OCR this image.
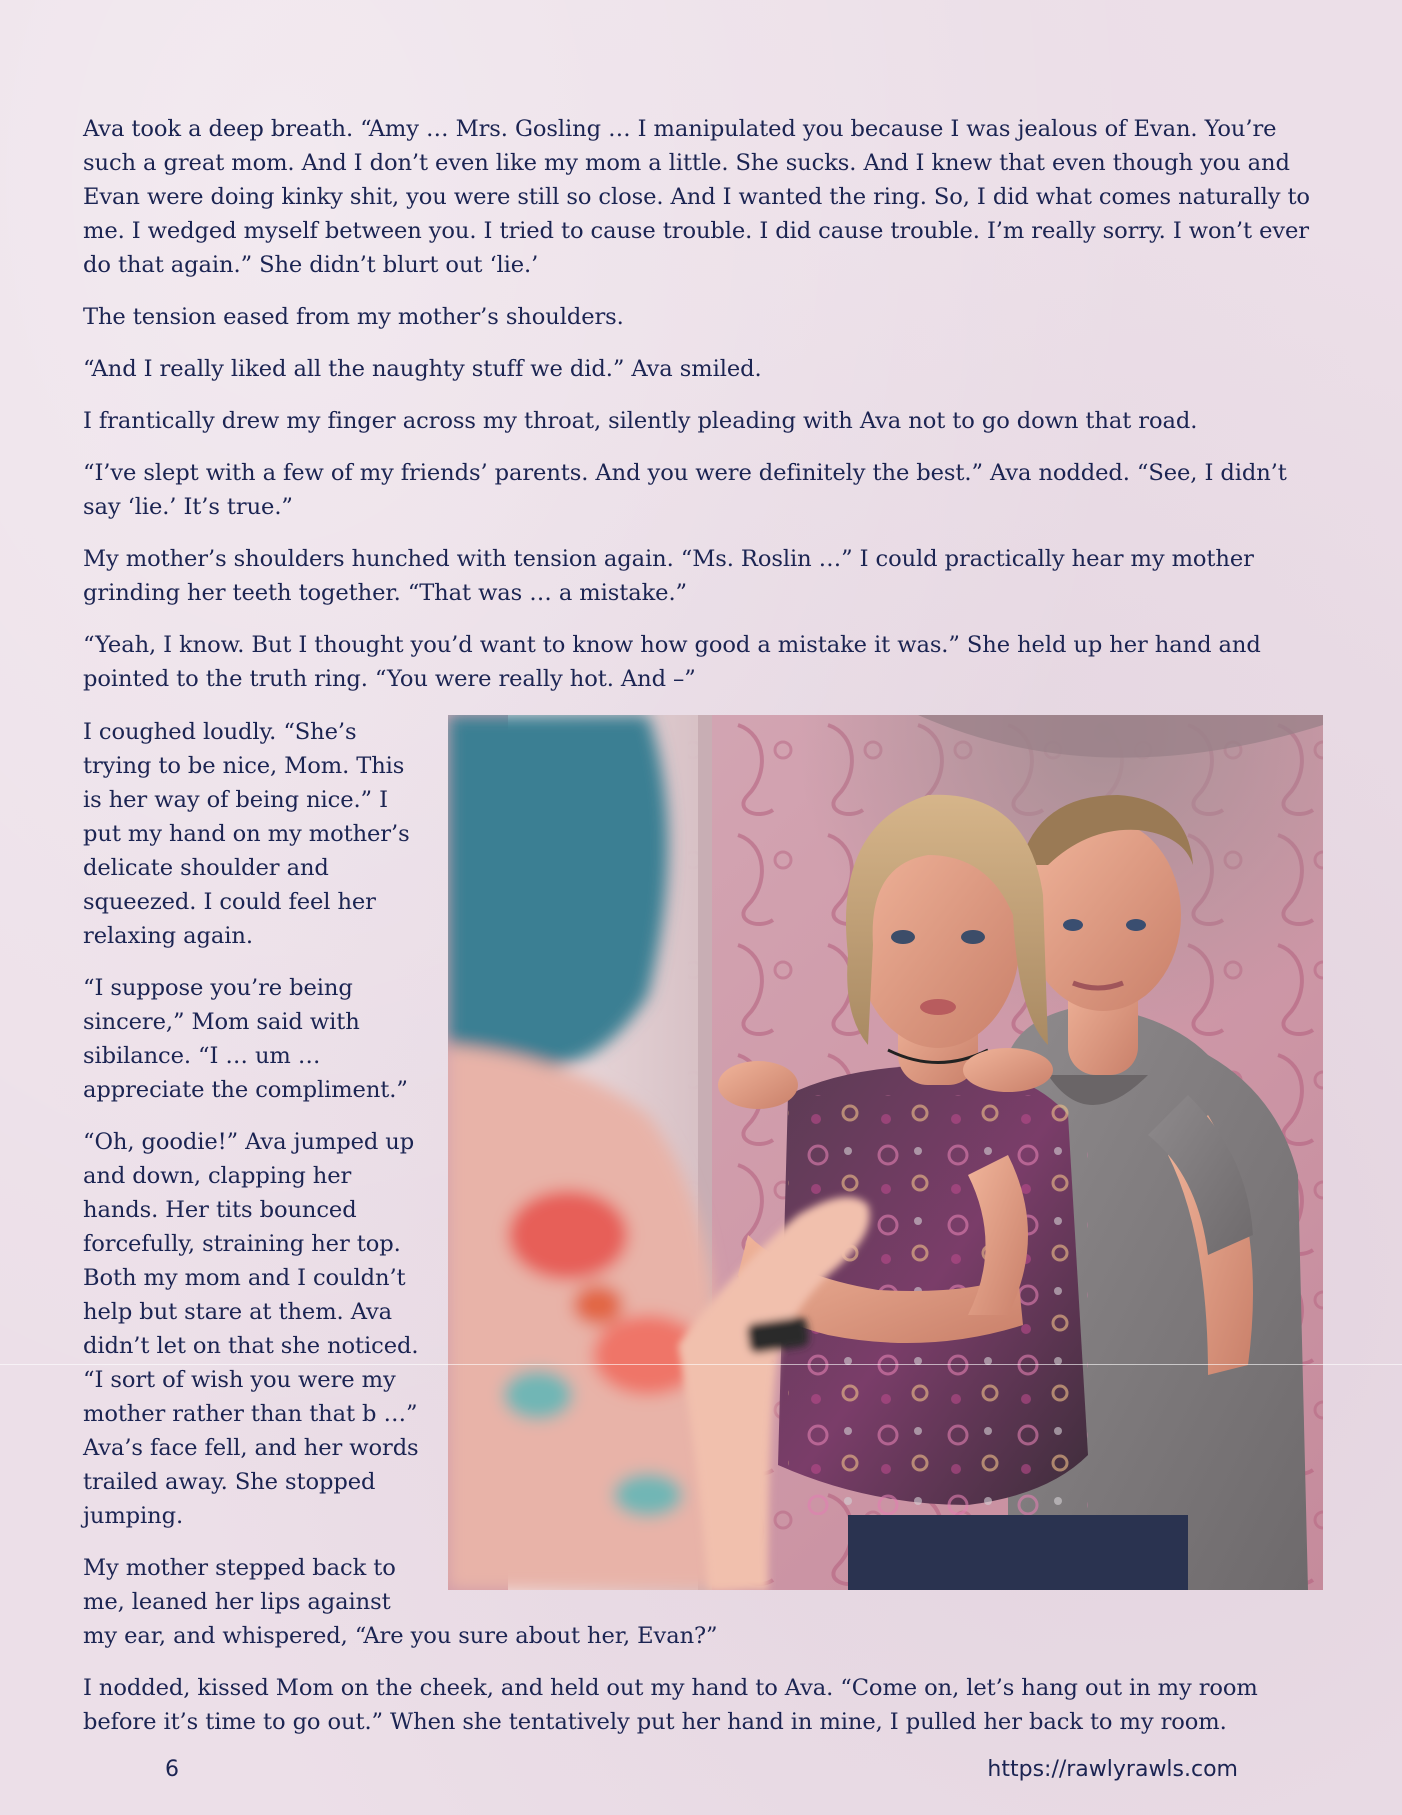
Ava took a deep breath. “Amy … Mrs. Gosling … I manipulated you because I was jealous of Evan. You’re such a great mom. And I don’t even like my mom a little. She sucks. And I knew that even though you and Evan were doing kinky shit, you were still so close. And I wanted the ring. So, I did what comes naturally to me. I wedged myself between you. I tried to cause trouble. I did cause trouble. I’m really sorry. I won’t ever do that again.” She didn’t blurt out ‘lie.’

The tension eased from my mother’s shoulders.

“And I really liked all the naughty stuff we did.” Ava smiled.

I frantically drew my finger across my throat, silently pleading with Ava not to go down that road.

“I’ve slept with a few of my friends’ parents. And you were definitely the best.” Ava nodded. “See, I didn’t say ‘lie.’ It’s true.”

My mother’s shoulders hunched with tension again. “Ms. Roslin …” I could practically hear my mother grinding her teeth together. “That was … a mistake.”

“Yeah, I know. But I thought you’d want to know how good a mistake it was.” She held up her hand and pointed to the truth ring. “You were really hot. And –”

I coughed loudly. “She’s trying to be nice, Mom. This is her way of being nice.” I put my hand on my mother’s delicate shoulder and squeezed. I could feel her relaxing again.

“I suppose you’re being sincere,” Mom said with sibilance. “I … um … appreciate the compliment.”

“Oh, goodie!” Ava jumped up and down, clapping her hands. Her tits bounced forcefully, straining her top. Both my mom and I couldn’t help but stare at them. Ava didn’t let on that she noticed. “I sort of wish you were my mother rather than that b …” Ava’s face fell, and her words trailed away. She stopped jumping.

My mother stepped back to me, leaned her lips against my ear, and whispered, “Are you sure about her, Evan?”

I nodded, kissed Mom on the cheek, and held out my hand to Ava. “Come on, let’s hang out in my room before it’s time to go out.” When she tentatively put her hand in mine, I pulled her back to my room.

6	https://rawlyrawls.com
